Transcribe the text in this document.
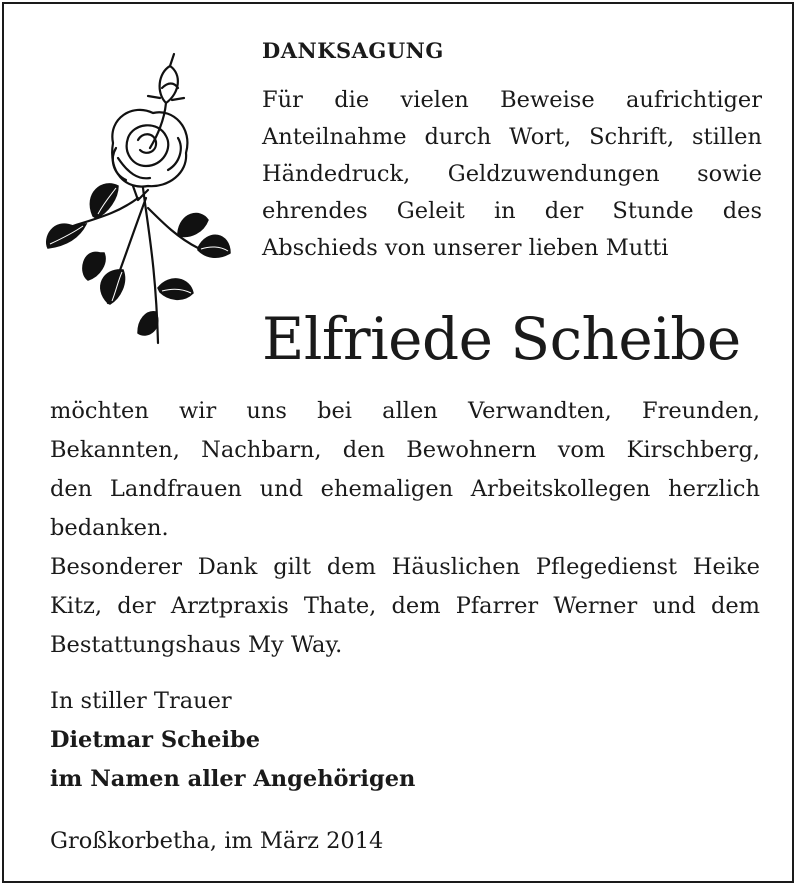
DANKSAGUNG
Für die vielen Beweise aufrichtiger
Anteilnahme durch Wort, Schrift, stillen
Händedruck, Geldzuwendungen sowie
ehrendes Geleit in der Stunde des
Abschieds von unserer lieben Mutti
Elfriede Scheibe
möchten wir uns bei allen Verwandten, Freunden,
Bekannten, Nachbarn, den Bewohnern vom Kirschberg,
den Landfrauen und ehemaligen Arbeitskollegen herzlich
bedanken.
Besonderer Dank gilt dem Häuslichen Pflegedienst Heike
Kitz, der Arztpraxis Thate, dem Pfarrer Werner und dem
Bestattungshaus My Way.
In stiller Trauer
Dietmar Scheibe
im Namen aller Angehörigen
Großkorbetha, im März 2014
